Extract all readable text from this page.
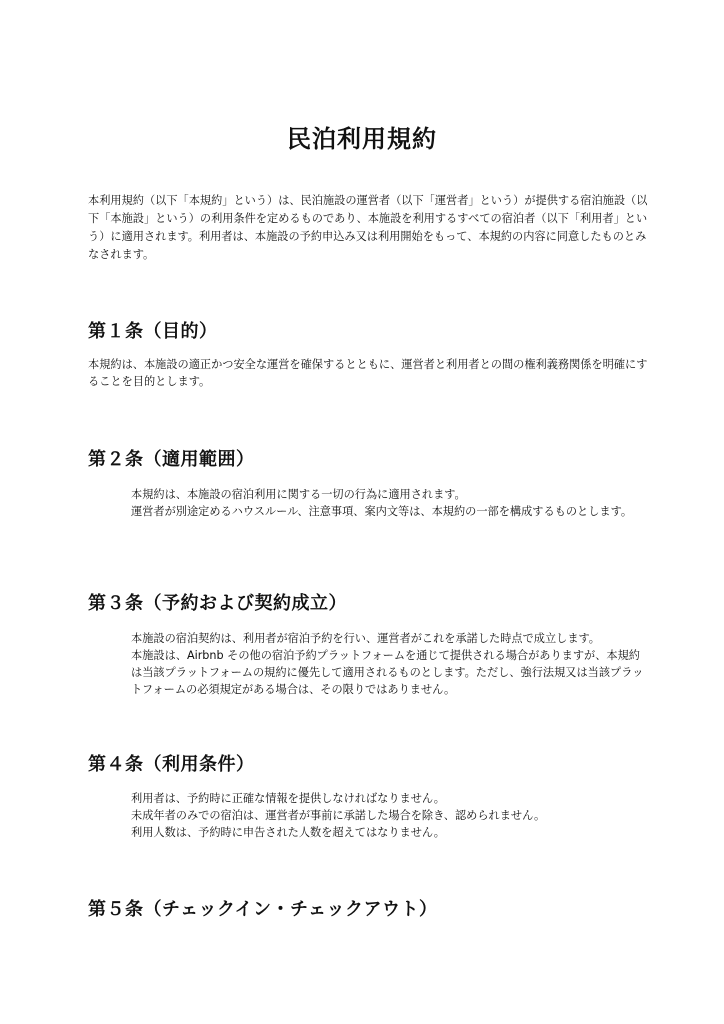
民泊利用規約

本利用規約（以下「本規約」という）は、民泊施設の運営者（以下「運営者」という）が提供する宿泊施設（以下「本施設」という）の利用条件を定めるものであり、本施設を利用するすべての宿泊者（以下「利用者」という）に適用されます。利用者は、本施設の予約申込み又は利用開始をもって、本規約の内容に同意したものとみなされます。

第１条（目的）

本規約は、本施設の適正かつ安全な運営を確保するとともに、運営者と利用者との間の権利義務関係を明確にすることを目的とします。

第２条（適用範囲）

本規約は、本施設の宿泊利用に関する一切の行為に適用されます。

運営者が別途定めるハウスルール、注意事項、案内文等は、本規約の一部を構成するものとします。

第３条（予約および契約成立）

本施設の宿泊契約は、利用者が宿泊予約を行い、運営者がこれを承諾した時点で成立します。

本施設は、Airbnb その他の宿泊予約プラットフォームを通じて提供される場合がありますが、本規約は当該プラットフォームの規約に優先して適用されるものとします。ただし、強行法規又は当該プラットフォームの必須規定がある場合は、その限りではありません。

第４条（利用条件）

利用者は、予約時に正確な情報を提供しなければなりません。

未成年者のみでの宿泊は、運営者が事前に承諾した場合を除き、認められません。

利用人数は、予約時に申告された人数を超えてはなりません。

第５条（チェックイン・チェックアウト）
